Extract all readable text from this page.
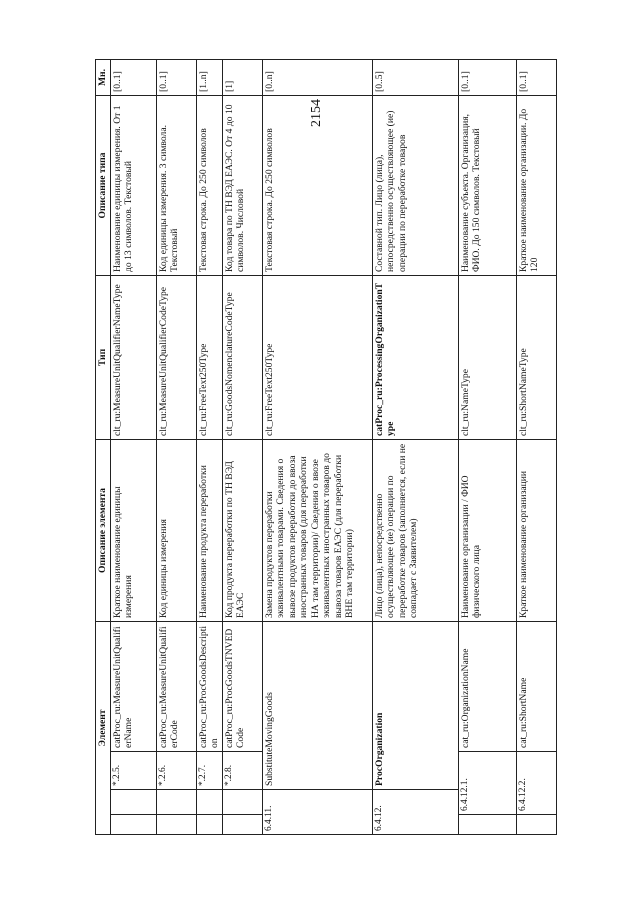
2154
Элемент				Описание элемента	Тип	Описание типа	Мн.
		*.2.5.	catProc_ru:MeasureUnitQualifierName	Краткое наименование единицы измерения	clt_ru:MeasureUnitQualifierNameType	Наименование единицы измерения. От 1 до 13 символов. Текстовый	[0..1]
		*.2.6.	catProc_ru:MeasureUnitQualifierCode	Код единицы измерения	clt_ru:MeasureUnitQualifierCodeType	Код единицы измерения. 3 символа. Текстовый	[0..1]
		*.2.7.	catProc_ru:ProcGoodsDescription	Наименование продукта переработки	clt_ru:FreeText250Type	Текстовая строка. До 250 символов	[1..n]
		*.2.8.	catProc_ru:ProcGoodsTNVEDCode	Код продукта переработки по ТН ВЭД ЕАЭС	clt_ru:GoodsNomenclatureCodeType	Код товара по ТН ВЭД ЕАЭС. От 4 до 10 символов. Числовой	[1]
6.4.11.		SubstituteMovingGoods		Замена продуктов переработки эквивалентными товарами. Сведения о вывозе продуктов переработки до ввоза иностранных товаров (для переработки НА там территории)/ Сведения о ввозе эквивалентных иностранных товаров до вывоза товаров ЕАЭС (для переработки ВНЕ там территории)	clt_ru:FreeText250Type	Текстовая строка. До 250 символов	[0..n]
6.4.12.		ProcOrganization		Лицо (лица), непосредственно осуществляющее (ие) операции по переработке товаров (заполняется, если не совпадает с Заявителем)	catProc_ru:ProcessingOrganizationType	Составной тип. Лицо (лица), непосредственно осуществляющее (ие) операции по переработке товаров	[0..5]
	6.4.12.1.		cat_ru:OrganizationName	Наименование организации / ФИО физического лица	clt_ru:NameType	Наименование субъекта. Организация, ФИО. До 150 символов. Текстовый	[0..1]
	6.4.12.2.		cat_ru:ShortName	Краткое наименование организации	clt_ru:ShortNameType	Краткое наименование организации. До 120	[0..1]
